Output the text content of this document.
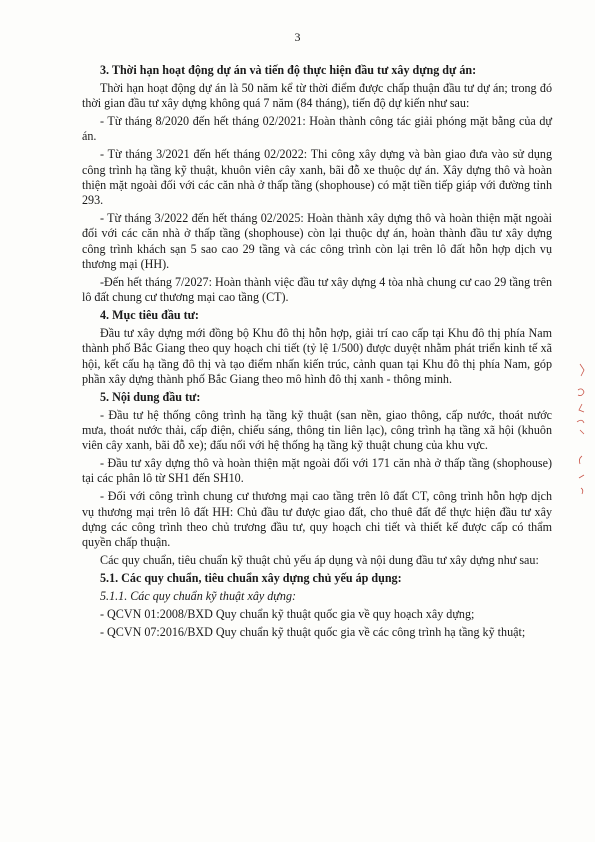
3

3. Thời hạn hoạt động dự án và tiến độ thực hiện đầu tư xây dựng dự án:

Thời hạn hoạt động dự án là 50 năm kể từ thời điểm được chấp thuận đầu tư dự án; trong đó thời gian đầu tư xây dựng không quá 7 năm (84 tháng), tiến độ dự kiến như sau:

- Từ tháng 8/2020 đến hết tháng 02/2021: Hoàn thành công tác giải phóng mặt bằng của dự án.

- Từ tháng 3/2021 đến hết tháng 02/2022: Thi công xây dựng và bàn giao đưa vào sử dụng công trình hạ tầng kỹ thuật, khuôn viên cây xanh, bãi đỗ xe thuộc dự án. Xây dựng thô và hoàn thiện mặt ngoài đối với các căn nhà ở thấp tầng (shophouse) có mặt tiền tiếp giáp với đường tỉnh 293.

- Từ tháng 3/2022 đến hết tháng 02/2025: Hoàn thành xây dựng thô và hoàn thiện mặt ngoài đối với các căn nhà ở thấp tầng (shophouse) còn lại thuộc dự án, hoàn thành đầu tư xây dựng công trình khách sạn 5 sao cao 29 tầng và các công trình còn lại trên lô đất hỗn hợp dịch vụ thương mại (HH).

-Đến hết tháng 7/2027: Hoàn thành việc đầu tư xây dựng 4 tòa nhà chung cư cao 29 tầng trên lô đất chung cư thương mại cao tầng (CT).

4. Mục tiêu đầu tư:

Đầu tư xây dựng mới đồng bộ Khu đô thị hỗn hợp, giải trí cao cấp tại Khu đô thị phía Nam thành phố Bắc Giang theo quy hoạch chi tiết (tỷ lệ 1/500) được duyệt nhằm phát triển kinh tế xã hội, kết cấu hạ tầng đô thị và tạo điểm nhấn kiến trúc, cảnh quan tại Khu đô thị phía Nam, góp phần xây dựng thành phố Bắc Giang theo mô hình đô thị xanh - thông minh.

5. Nội dung đầu tư:

- Đầu tư hệ thống công trình hạ tầng kỹ thuật (san nền, giao thông, cấp nước, thoát nước mưa, thoát nước thải, cấp điện, chiếu sáng, thông tin liên lạc), công trình hạ tầng xã hội (khuôn viên cây xanh, bãi đỗ xe); đấu nối với hệ thống hạ tầng kỹ thuật chung của khu vực.

- Đầu tư xây dựng thô và hoàn thiện mặt ngoài đối với 171 căn nhà ở thấp tầng (shophouse) tại các phân lô từ SH1 đến SH10.

- Đối với công trình chung cư thương mại cao tầng trên lô đất CT, công trình hỗn hợp dịch vụ thương mại trên lô đất HH: Chủ đầu tư được giao đất, cho thuê đất để thực hiện đầu tư xây dựng các công trình theo chủ trương đầu tư, quy hoạch chi tiết và thiết kế được cấp có thẩm quyền chấp thuận.

Các quy chuẩn, tiêu chuẩn kỹ thuật chủ yếu áp dụng và nội dung đầu tư xây dựng như sau:

5.1. Các quy chuẩn, tiêu chuẩn xây dựng chủ yếu áp dụng:

5.1.1. Các quy chuẩn kỹ thuật xây dựng:

- QCVN 01:2008/BXD Quy chuẩn kỹ thuật quốc gia về quy hoạch xây dựng;

- QCVN 07:2016/BXD Quy chuẩn kỹ thuật quốc gia về các công trình hạ tầng kỹ thuật;
